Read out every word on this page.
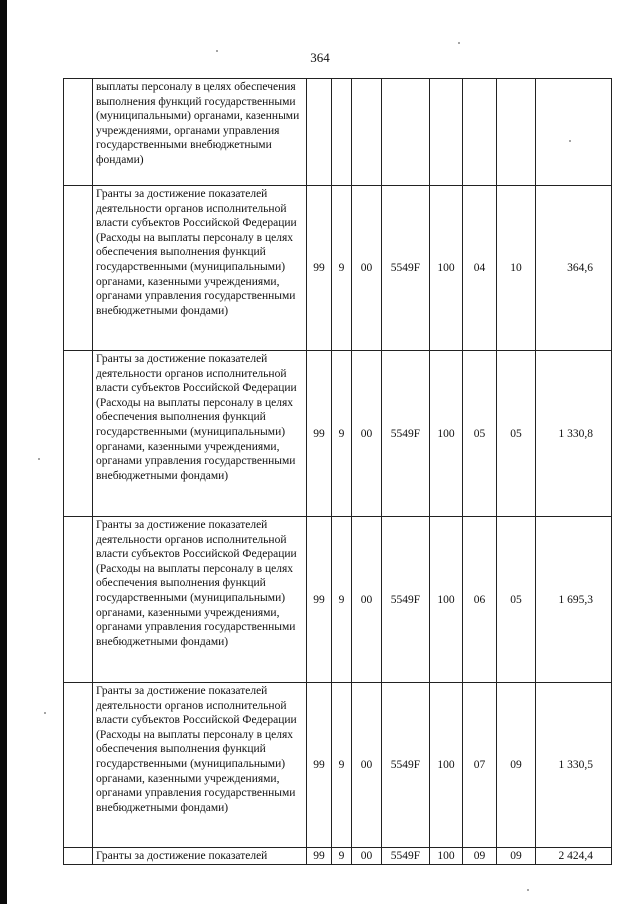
364
	выплаты персоналу в целях обеспечения выполнения функций государственными (муниципальными) органами, казенными учреждениями, органами управления государственными внебюджетными фондами)								
	Гранты за достижение показателей деятельности органов исполнительной власти субъектов Российской Федерации (Расходы на выплаты персоналу в целях обеспечения выполнения функций государственными (муниципальными) органами, казенными учреждениями, органами управления государственными внебюджетными фондами)	99	9	00	5549F	100	04	10	364,6
	Гранты за достижение показателей деятельности органов исполнительной власти субъектов Российской Федерации (Расходы на выплаты персоналу в целях обеспечения выполнения функций государственными (муниципальными) органами, казенными учреждениями, органами управления государственными внебюджетными фондами)	99	9	00	5549F	100	05	05	1 330,8
	Гранты за достижение показателей деятельности органов исполнительной власти субъектов Российской Федерации (Расходы на выплаты персоналу в целях обеспечения выполнения функций государственными (муниципальными) органами, казенными учреждениями, органами управления государственными внебюджетными фондами)	99	9	00	5549F	100	06	05	1 695,3
	Гранты за достижение показателей деятельности органов исполнительной власти субъектов Российской Федерации (Расходы на выплаты персоналу в целях обеспечения выполнения функций государственными (муниципальными) органами, казенными учреждениями, органами управления государственными внебюджетными фондами)	99	9	00	5549F	100	07	09	1 330,5
	Гранты за достижение показателей	99	9	00	5549F	100	09	09	2 424,4
